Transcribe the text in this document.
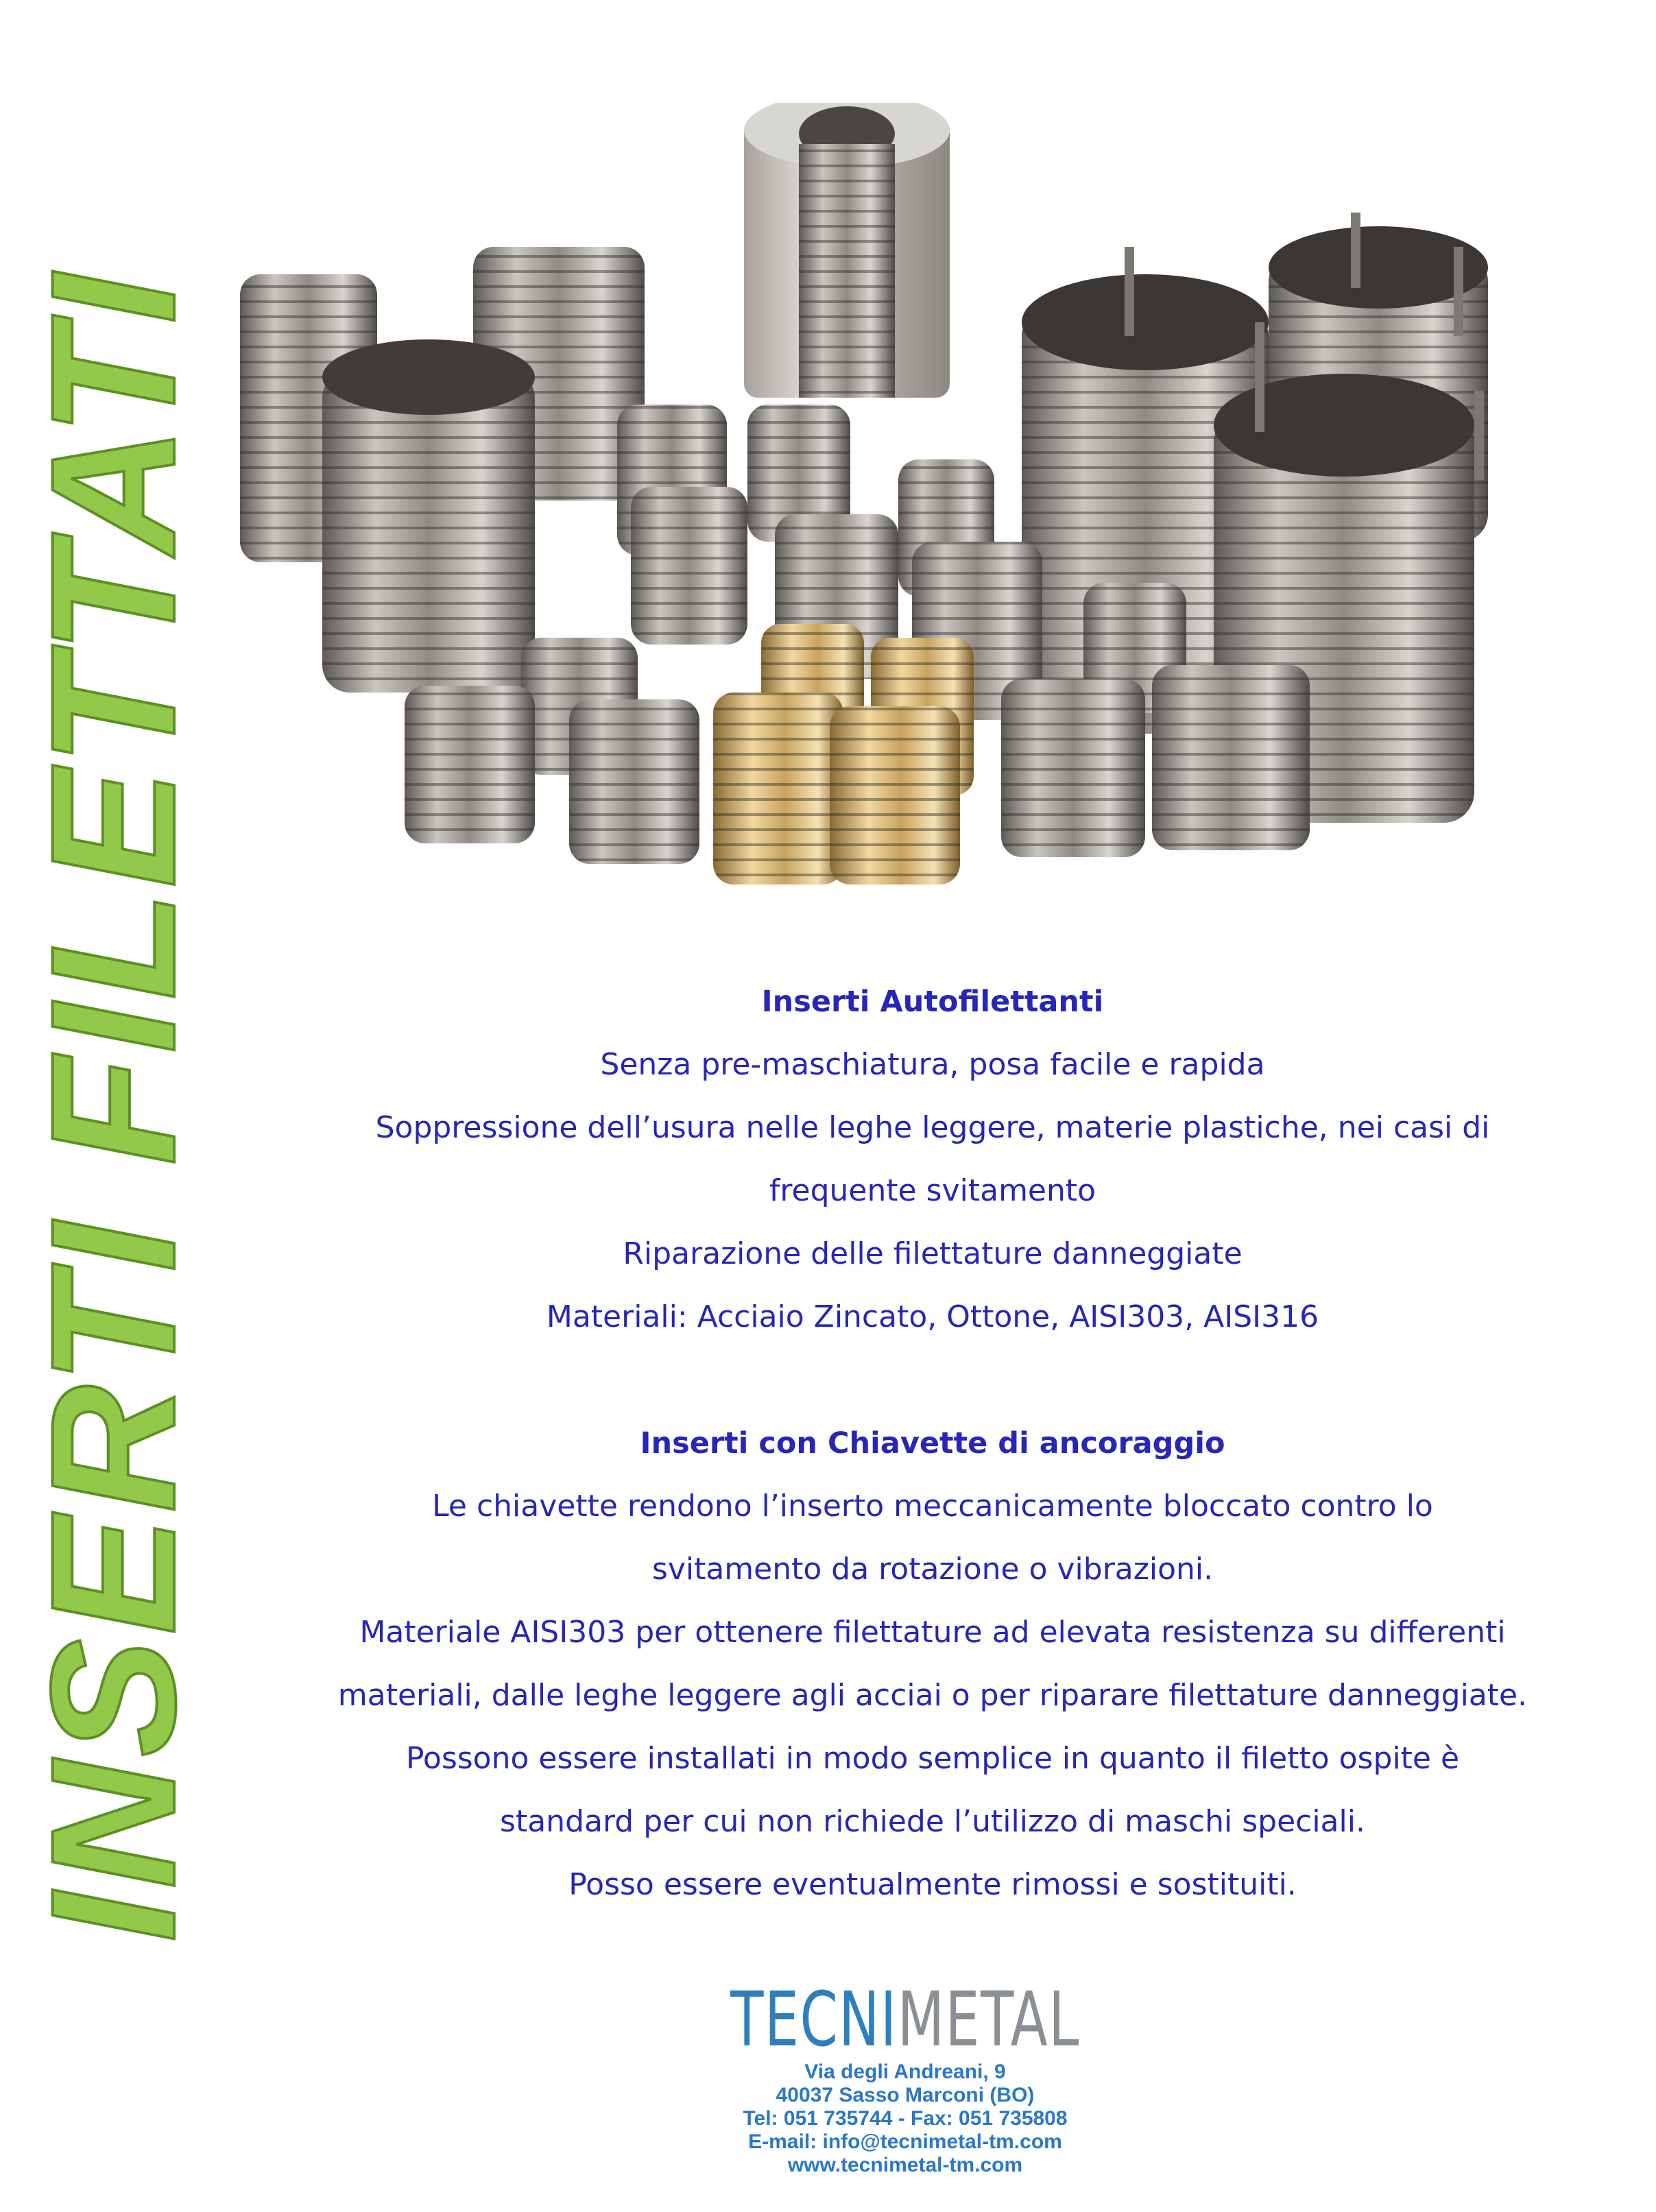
INSERTI FILETTATI	Inserti Autofilettanti

Senza pre-maschiatura, posa facile e rapida

Soppressione dell’usura nelle leghe leggere, materie plastiche, nei casi di

frequente svitamento

Riparazione delle filettature danneggiate

Materiali: Acciaio Zincato, Ottone, AISI303, AISI316

Inserti con Chiavette di ancoraggio

Le chiavette rendono l’inserto meccanicamente bloccato contro lo

svitamento da rotazione o vibrazioni.

Materiale AISI303 per ottenere filettature ad elevata resistenza su differenti

materiali, dalle leghe leggere agli acciai o per riparare filettature danneggiate.

Possono essere installati in modo semplice in quanto il filetto ospite è

standard per cui non richiede l’utilizzo di maschi speciali.

Posso essere eventualmente rimossi e sostituiti.

TECNIMETAL

Via degli Andreani, 9

40037 Sasso Marconi (BO)

Tel: 051 735744 - Fax: 051 735808

E-mail: info@tecnimetal-tm.com

www.tecnimetal-tm.com
